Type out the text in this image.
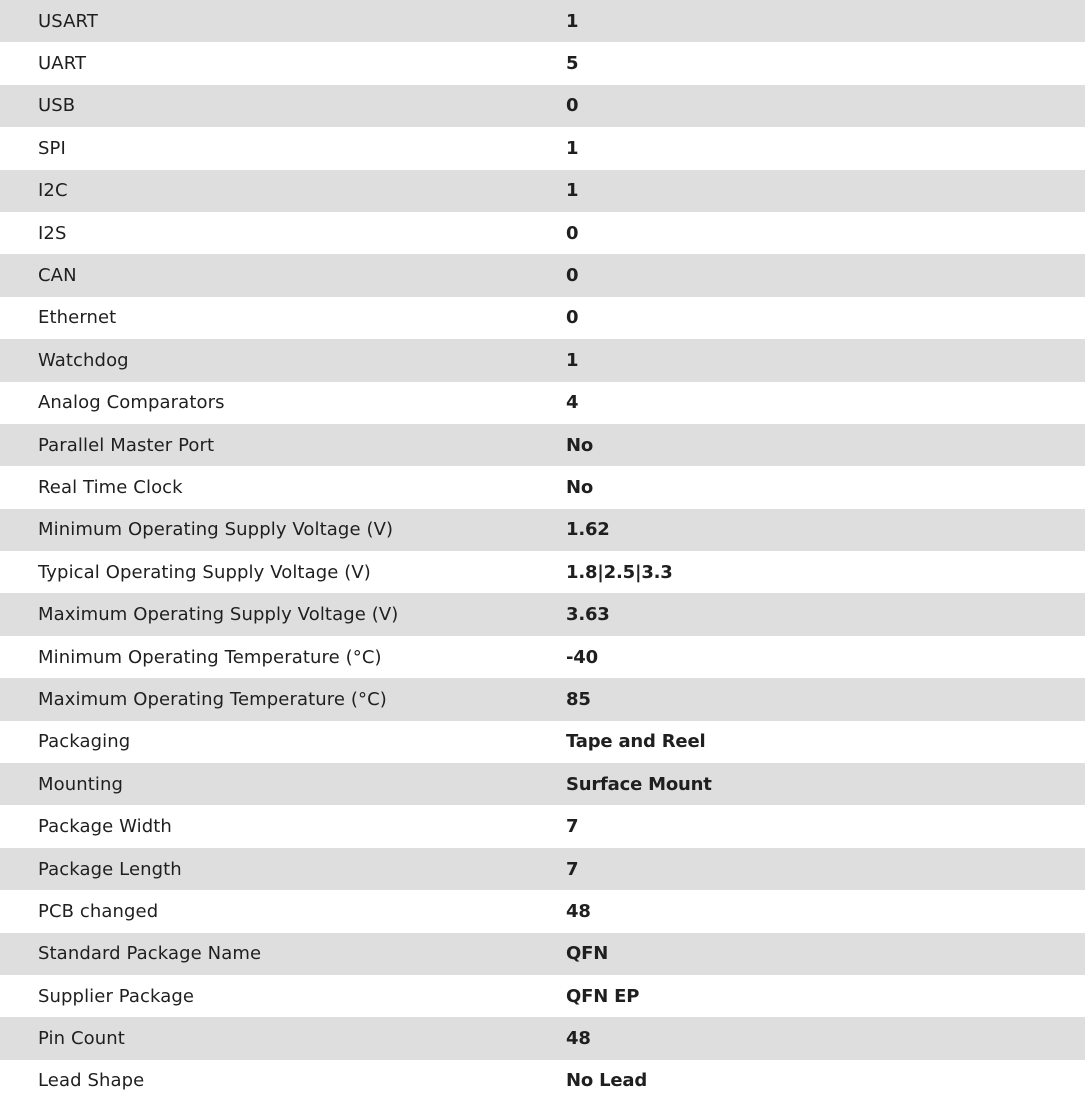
USART	1
UART	5
USB	0
SPI	1
I2C	1
I2S	0
CAN	0
Ethernet	0
Watchdog	1
Analog Comparators	4
Parallel Master Port	No
Real Time Clock	No
Minimum Operating Supply Voltage (V)	1.62
Typical Operating Supply Voltage (V)	1.8|2.5|3.3
Maximum Operating Supply Voltage (V)	3.63
Minimum Operating Temperature (°C)	-40
Maximum Operating Temperature (°C)	85
Packaging	Tape and Reel
Mounting	Surface Mount
Package Width	7
Package Length	7
PCB changed	48
Standard Package Name	QFN
Supplier Package	QFN EP
Pin Count	48
Lead Shape	No Lead
